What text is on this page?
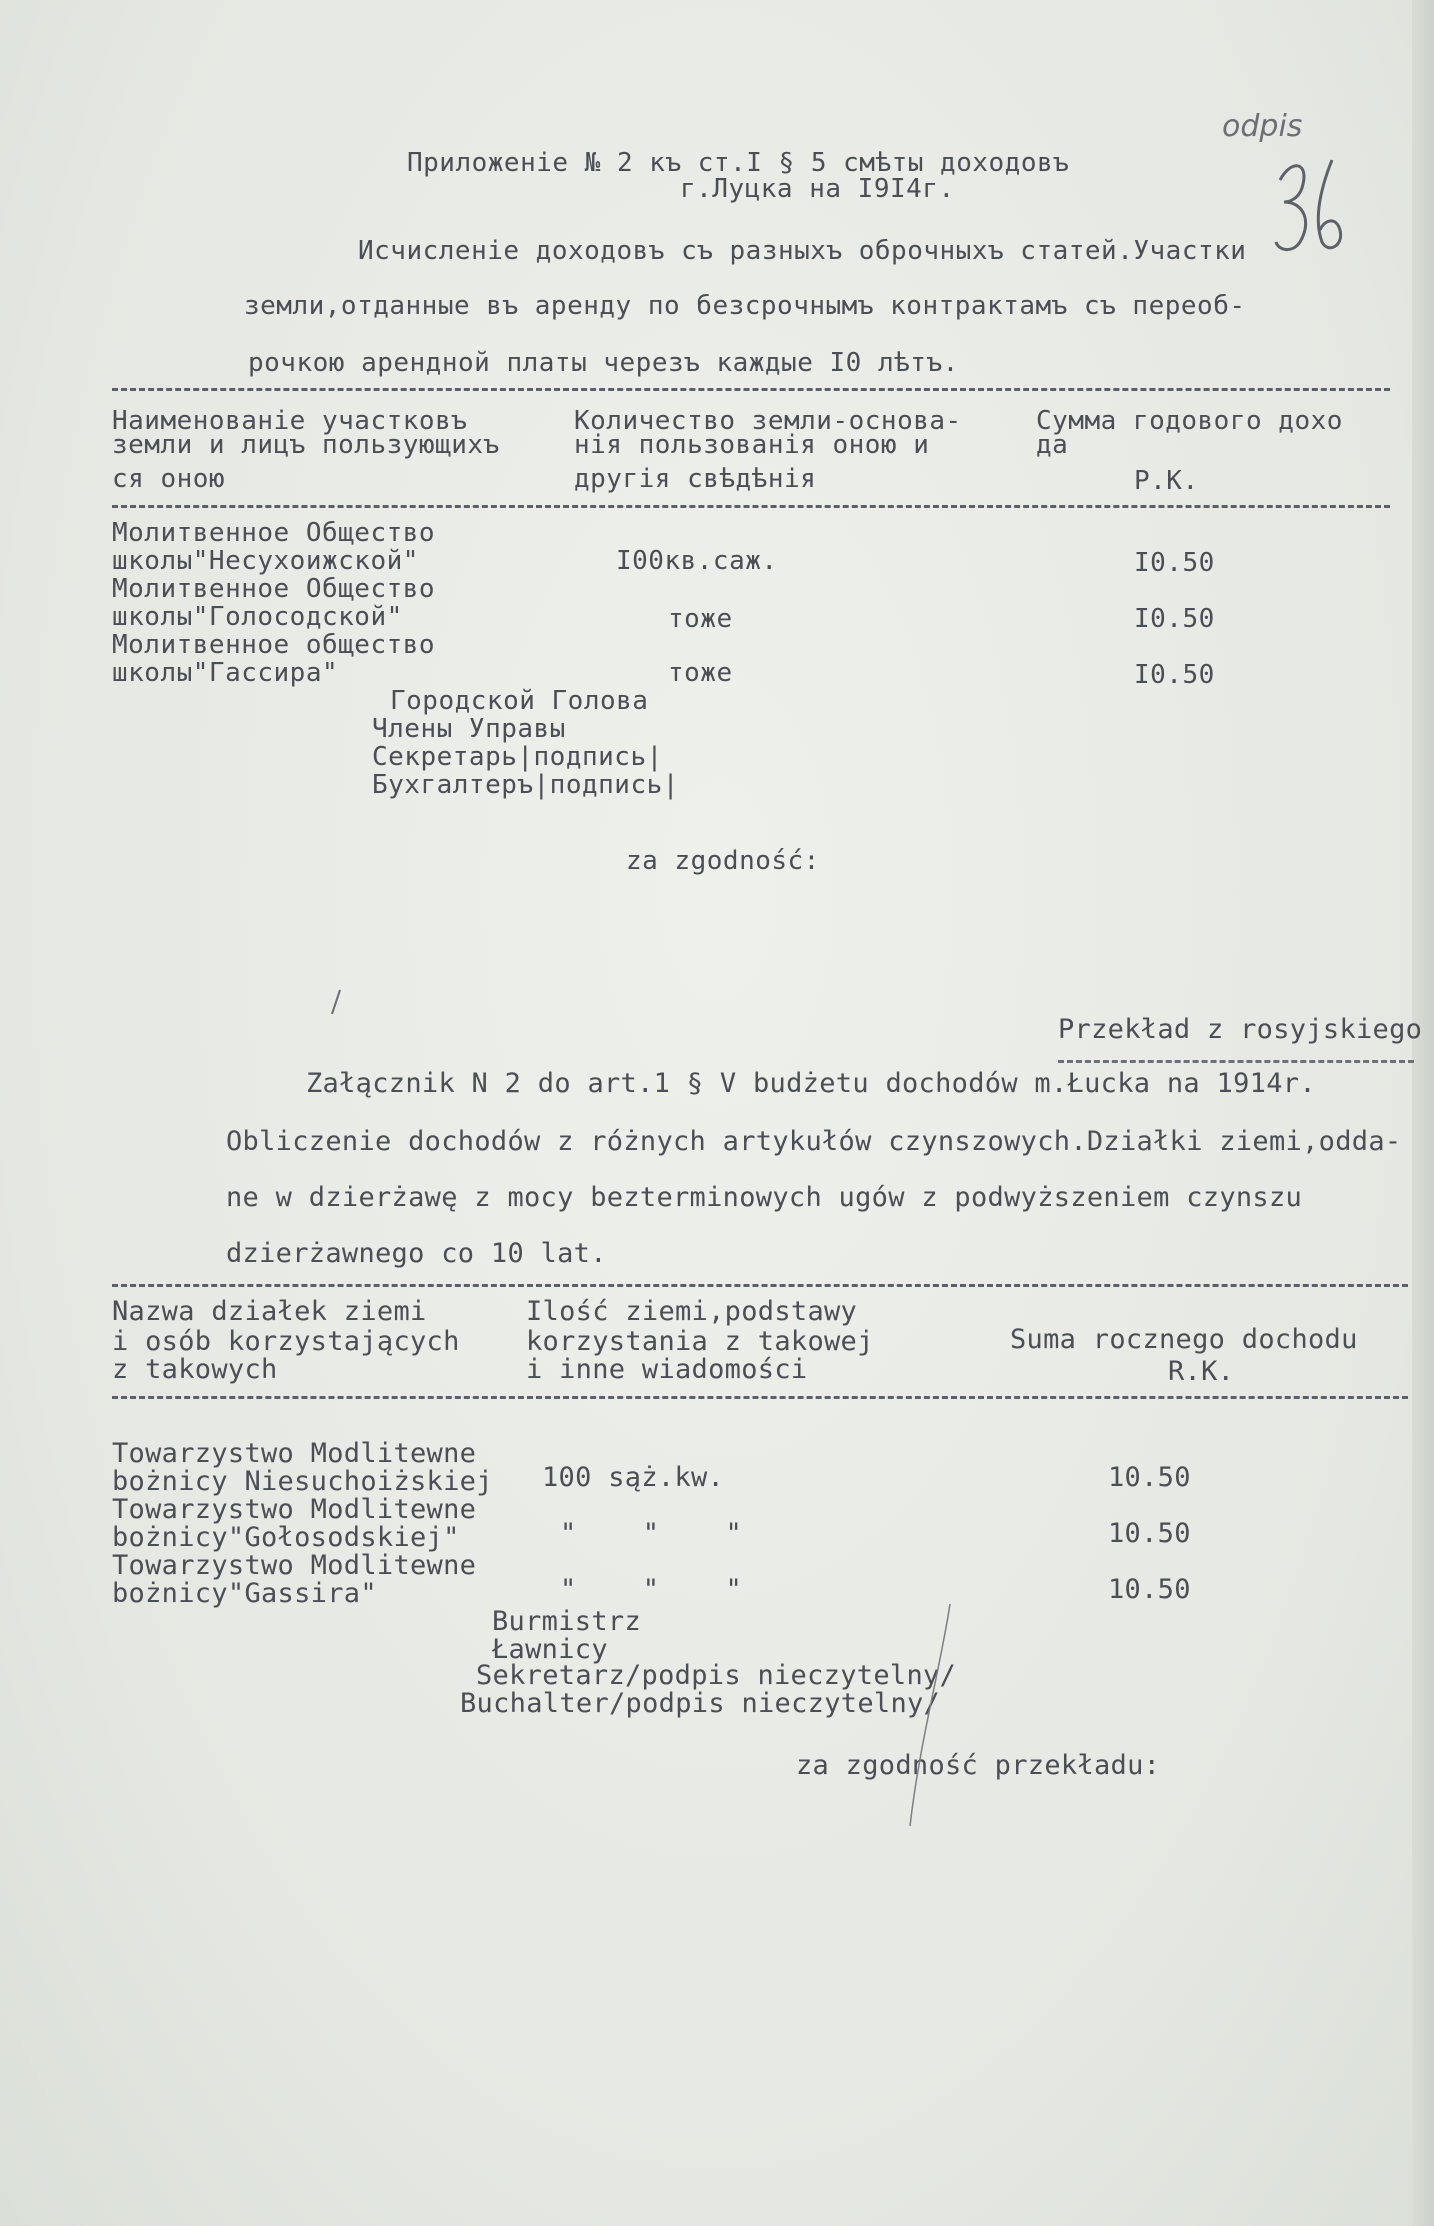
odpis
Приложенiе № 2 къ ст.I § 5 смѣты доходовъ
г.Луцка на I9I4г.
Исчисленiе доходовъ съ разныхъ оброчныхъ статей.Участки
земли,отданные въ аренду по безсрочнымъ контрактамъ съ переоб-
рочкою арендной платы черезъ каждые I0 лѣтъ.
Наименованiе участковъ
земли и лицъ пользующихъ
ся оною
Количество земли-основа-
нiя пользованiя оною и
другiя свѣдѣнiя
Сумма годового дохо
да
Р.К.
Молитвенное Общество
школы"Несухоижской"	I00кв.саж.	I0.50
Молитвенное Общество
школы"Голосодской"	тоже	I0.50
Молитвенное общество
школы"Гассира"	тоже	I0.50
Городской Голова
Члены Управы
Секретарь|подпись|
Бухгалтеръ|подпись|
za zgodność:
Przekład z rosyjskiego
Załącznik N 2 do art.1 § V budżetu dochodów m.Łucka na 1914r.
Obliczenie dochodów z różnych artykułów czynszowych.Działki ziemi,odda-
ne w dzierżawę z mocy bezterminowych ugów z podwyższeniem czynszu
dzierżawnego co 10 lat.
Nazwa działek ziemi
i osób korzystających
z takowych
Ilość ziemi,podstawy
korzystania z takowej
i inne wiadomości
Suma rocznego dochodu
R.K.
Towarzystwo Modlitewne
bożnicy Niesuchoiżskiej 100 sąż.kw.	10.50
Towarzystwo Modlitewne
bożnicy"Gołosodskiej"	"    "    "	10.50
Towarzystwo Modlitewne
bożnicy"Gassira"	"    "    "	10.50
Burmistrz
Ławnicy
Sekretarz/podpis nieczytelny/
Buchalter/podpis nieczytelny/
za zgodność przekładu:
